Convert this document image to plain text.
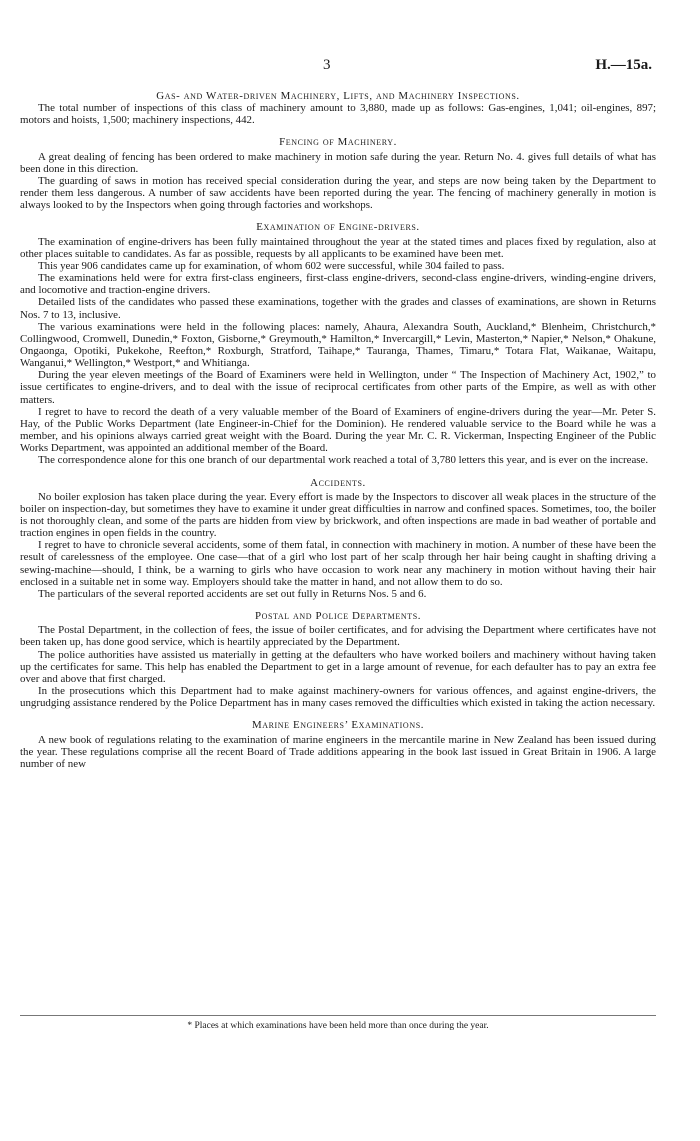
3	H.—15a.
Gas- and Water-driven Machinery, Lifts, and Machinery Inspections.

The total number of inspections of this class of machinery amount to 3,880, made up as follows: Gas-engines, 1,041; oil-engines, 897; motors and hoists, 1,500; machinery inspections, 442.

Fencing of Machinery.

A great dealing of fencing has been ordered to make machinery in motion safe during the year. Return No. 4. gives full details of what has been done in this direction.

The guarding of saws in motion has received special consideration during the year, and steps are now being taken by the Department to render them less dangerous. A number of saw accidents have been reported during the year. The fencing of machinery generally in motion is always looked to by the Inspectors when going through factories and workshops.

Examination of Engine-drivers.

The examination of engine-drivers has been fully maintained throughout the year at the stated times and places fixed by regulation, also at other places suitable to candidates. As far as possible, requests by all applicants to be examined have been met.

This year 906 candidates came up for examination, of whom 602 were successful, while 304 failed to pass.

The examinations held were for extra first-class engineers, first-class engine-drivers, second-class engine-drivers, winding-engine drivers, and locomotive and traction-engine drivers.

Detailed lists of the candidates who passed these examinations, together with the grades and classes of examinations, are shown in Returns Nos. 7 to 13, inclusive.

The various examinations were held in the following places: namely, Ahaura, Alexandra South, Auckland,* Blenheim, Christchurch,* Collingwood, Cromwell, Dunedin,* Foxton, Gisborne,* Greymouth,* Hamilton,* Invercargill,* Levin, Masterton,* Napier,* Nelson,* Ohakune, Ongaonga, Opotiki, Pukekohe, Reefton,* Roxburgh, Stratford, Taihape,* Tauranga, Thames, Timaru,* Totara Flat, Waikanae, Waitapu, Wanganui,* Wellington,* Westport,* and Whitianga.

During the year eleven meetings of the Board of Examiners were held in Wellington, under “ The Inspection of Machinery Act, 1902,” to issue certificates to engine-drivers, and to deal with the issue of reciprocal certificates from other parts of the Empire, as well as with other matters.

I regret to have to record the death of a very valuable member of the Board of Examiners of engine-drivers during the year—Mr. Peter S. Hay, of the Public Works Department (late Engineer-in-Chief for the Dominion). He rendered valuable service to the Board while he was a member, and his opinions always carried great weight with the Board. During the year Mr. C. R. Vickerman, Inspecting Engineer of the Public Works Department, was appointed an additional member of the Board.

The correspondence alone for this one branch of our departmental work reached a total of 3,780 letters this year, and is ever on the increase.

Accidents.

No boiler explosion has taken place during the year. Every effort is made by the Inspectors to discover all weak places in the structure of the boiler on inspection-day, but sometimes they have to examine it under great difficulties in narrow and confined spaces. Sometimes, too, the boiler is not thoroughly clean, and some of the parts are hidden from view by brickwork, and often inspections are made in bad weather of portable and traction engines in open fields in the country.

I regret to have to chronicle several accidents, some of them fatal, in connection with machinery in motion. A number of these have been the result of carelessness of the employee. One case—that of a girl who lost part of her scalp through her hair being caught in shafting driving a sewing-machine—should, I think, be a warning to girls who have occasion to work near any machinery in motion without having their hair enclosed in a suitable net in some way. Employers should take the matter in hand, and not allow them to do so.

The particulars of the several reported accidents are set out fully in Returns Nos. 5 and 6.

Postal and Police Departments.

The Postal Department, in the collection of fees, the issue of boiler certificates, and for advising the Department where certificates have not been taken up, has done good service, which is heartily appreciated by the Department.

The police authorities have assisted us materially in getting at the defaulters who have worked boilers and machinery without having taken up the certificates for same. This help has enabled the Department to get in a large amount of revenue, for each defaulter has to pay an extra fee over and above that first charged.

In the prosecutions which this Department had to make against machinery-owners for various offences, and against engine-drivers, the ungrudging assistance rendered by the Police Department has in many cases removed the difficulties which existed in taking the action necessary.

Marine Engineers’ Examinations.

A new book of regulations relating to the examination of marine engineers in the mercantile marine in New Zealand has been issued during the year. These regulations comprise all the recent Board of Trade additions appearing in the book last issued in Great Britain in 1906. A large number of new

* Places at which examinations have been held more than once during the year.
